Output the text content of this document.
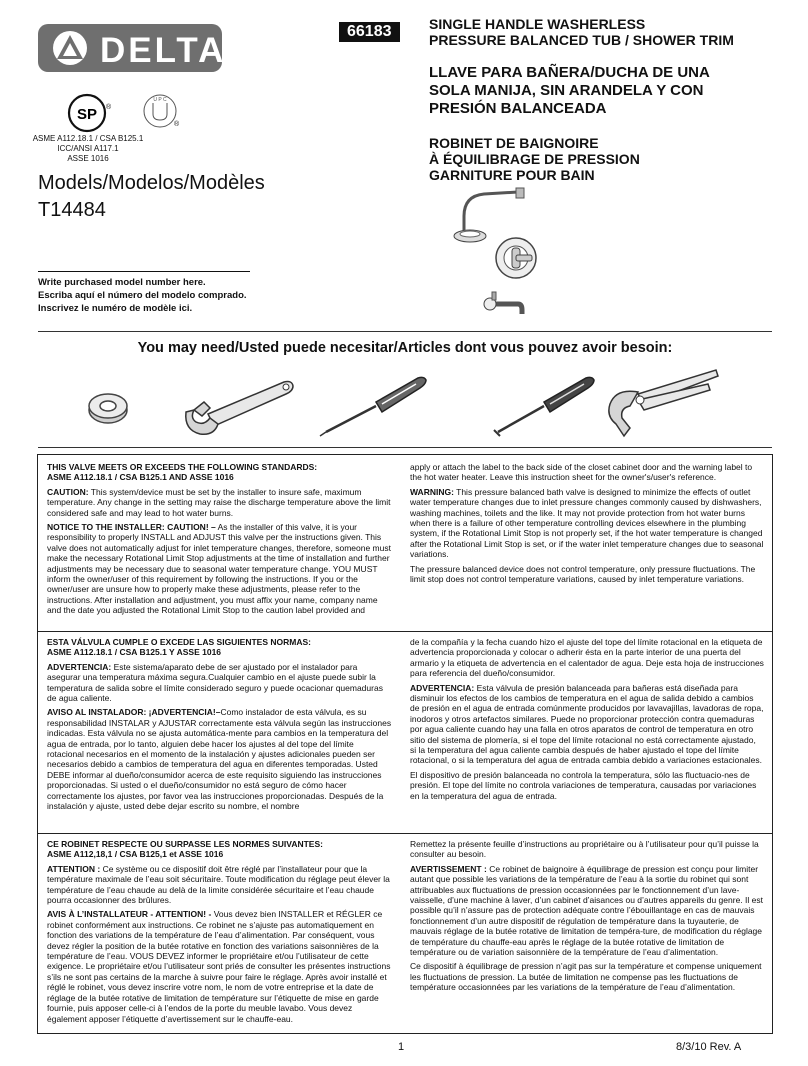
DELTA	66183	SINGLE HANDLE WASHERLESS
PRESSURE BALANCED TUB / SHOWER TRIM
LLAVE PARA BAÑERA/DUCHA DE UNA
SOLA MANIJA, SIN ARANDELA Y CON
PRESIÓN BALANCEADA
ROBINET DE BAIGNOIRE
À ÉQUILIBRAGE DE PRESSION
GARNITURE POUR BAIN
SP ®
U P C
®
ASME A112.18.1 / CSA B125.1
ICC/ANSI A117.1
ASSE 1016
Models/Modelos/Modèles
T14484
Write purchased model number here.
Escriba aquí el número del modelo comprado.
Inscrivez le numéro de modèle ici.
You may need/Usted puede necesitar/Articles dont vous pouvez avoir besoin:
THIS VALVE MEETS OR EXCEEDS THE FOLLOWING STANDARDS:

ASME A112.18.1 / CSA B125.1 AND ASSE 1016

CAUTION: This system/device must be set by the installer to insure safe, maximum temperature. Any change in the setting may raise the discharge temperature above the limit considered safe and may lead to hot water burns.

NOTICE TO THE INSTALLER: CAUTION! – As the installer of this valve, it is your responsibility to properly INSTALL and ADJUST this valve per the instructions given. This valve does not automatically adjust for inlet temperature changes, therefore, someone must make the necessary Rotational Limit Stop adjustments at the time of installation and further adjustments may be necessary due to seasonal water temperature change. YOU MUST inform the owner/user of this requirement by following the instructions. If you or the owner/user are unsure how to properly make these adjustments, please refer to the instructions. After installation and adjustment, you must affix your name, company name and the date you adjusted the Rotational Limit Stop to the caution label provided and

apply or attach the label to the back side of the closet cabinet door and the warning label to the hot water heater. Leave this instruction sheet for the owner's/user's reference.

WARNING: This pressure balanced bath valve is designed to minimize the effects of outlet water temperature changes due to inlet pressure changes commonly caused by dishwashers, washing machines, toilets and the like. It may not provide protection from hot water burns when there is a failure of other temperature controlling devices elsewhere in the plumbing system, if the Rotational Limit Stop is not properly set, if the hot water temperature is changed after the Rotational Limit Stop is set, or if the water inlet temperature changes due to seasonal variations.

The pressure balanced device does not control temperature, only pressure fluctuations. The limit stop does not control temperature variations, caused by inlet temperature variations.

ESTA VÁLVULA CUMPLE O EXCEDE LAS SIGUIENTES NORMAS:

ASME A112.18.1 / CSA B125.1 Y ASSE 1016

ADVERTENCIA: Este sistema/aparato debe de ser ajustado por el instalador para asegurar una temperatura máxima segura.Cualquier cambio en el ajuste puede subir la temperatura de salida sobre el límite considerado seguro y puede ocacionar quemaduras de agua caliente.

AVISO AL INSTALADOR: ¡ADVERTENCIA!–Como instalador de esta válvula, es su responsabilidad INSTALAR y AJUSTAR correctamente esta válvula según las instrucciones indicadas. Esta válvula no se ajusta automática-mente para cambios en la temperatura del agua de entrada, por lo tanto, alguien debe hacer los ajustes al del tope del límite rotacional necesarios en el momento de la instalación y ajustes adicionales pueden ser necesarios debido a cambios de temperatura del agua en diferentes temporadas. Usted DEBE informar al dueño/consumidor acerca de este requisito siguiendo las instrucciones proporcionadas. Si usted o el dueño/consumidor no está seguro de cómo hacer correctamente los ajustes, por favor vea las instrucciones proporcionadas. Después de la instalación y ajuste, usted debe dejar escrito su nombre, el nombre

de la compañía y la fecha cuando hizo el ajuste del tope del límite rotacional en la etiqueta de advertencia proporcionada y colocar o adherir ésta en la parte interior de una puerta del armario y la etiqueta de advertencia en el calentador de agua. Deje esta hoja de instrucciones para referencia del dueño/consumidor.

ADVERTENCIA: Esta válvula de presión balanceada para bañeras está diseñada para disminuir los efectos de los cambios de temperatura en el agua de salida debido a cambios de presión en el agua de entrada comúnmente producidos por lavavajillas, lavadoras de ropa, inodoros y otros artefactos similares. Puede no proporcionar protección contra quemaduras por agua caliente cuando hay una falla en otros aparatos de control de temperatura en otro sitio del sistema de plomería, si el tope del límite rotacional no está correctamente ajustado, si la temperatura del agua caliente cambia después de haber ajustado el tope del límite rotacional, o si la temperatura del agua de entrada cambia debido a variaciones estacionales.

El dispositivo de presión balanceada no controla la temperatura, sólo las fluctuacio-nes de presión. El tope del límite no controla variaciones de temperatura, causadas por variaciones en la temperatura del agua de entrada.

CE ROBINET RESPECTE OU SURPASSE LES NORMES SUIVANTES:

ASME A112,18,1 / CSA B125,1 et ASSE 1016

ATTENTION : Ce système ou ce dispositif doit être réglé par l’installateur pour que la température maximale de l’eau soit sécuritaire. Toute modification du réglage peut élever la température de l’eau chaude au delà de la limite considérée sécuritaire et l’eau chaude pourra occasionner des brûlures.

AVIS À L’INSTALLATEUR - ATTENTION! - Vous devez bien INSTALLER et RÉGLER ce robinet conformément aux instructions. Ce robinet ne s’ajuste pas automatiquement en fonction des variations de la température de l’eau d’alimentation. Par conséquent, vous devez régler la position de la butée rotative en fonction des variations saisonnières de la température de l’eau. VOUS DEVEZ informer le propriétaire et/ou l’utilisateur de cette exigence. Le propriétaire et/ou l’utilisateur sont priés de consulter les présentes instructions s’ils ne sont pas certains de la marche à suivre pour faire le réglage. Après avoir installé et réglé le robinet, vous devez inscrire votre nom, le nom de votre entreprise et la date de réglage de la butée rotative de limitation de température sur l’étiquette de mise en garde fournie, puis apposer celle-ci à l’endos de la porte du meuble lavabo. Vous devez également apposer l’étiquette d’avertissement sur le chauffe-eau.

Remettez la présente feuille d’instructions au propriétaire ou à l’utilisateur pour qu’il puisse la consulter au besoin.

AVERTISSEMENT : Ce robinet de baignoire à équilibrage de pression est conçu pour limiter autant que possible les variations de la température de l’eau à la sortie du robinet qui sont attribuables aux fluctuations de pression occasionnées par le fonctionnement d’un lave-vaisselle, d’une machine à laver, d’un cabinet d’aisances ou d’autres appareils du genre. Il est possible qu’il n’assure pas de protection adéquate contre l’ébouillantage en cas de mauvais fonctionnement d’un autre dispositif de régulation de température dans la tuyauterie, de mauvais réglage de la butée rotative de limitation de tempéra-ture, de modification du réglage de température du chauffe-eau après le réglage de la butée rotative de limitation de température ou de variation saisonnière de la température de l’eau d’alimentation.

Ce dispositif à équilibrage de pression n’agit pas sur la température et compense uniquement les fluctuations de pression. La butée de limitation ne compense pas les fluctuations de température occasionnées par les variations de la température de l’eau d’alimentation.

1	8/3/10 Rev. A
